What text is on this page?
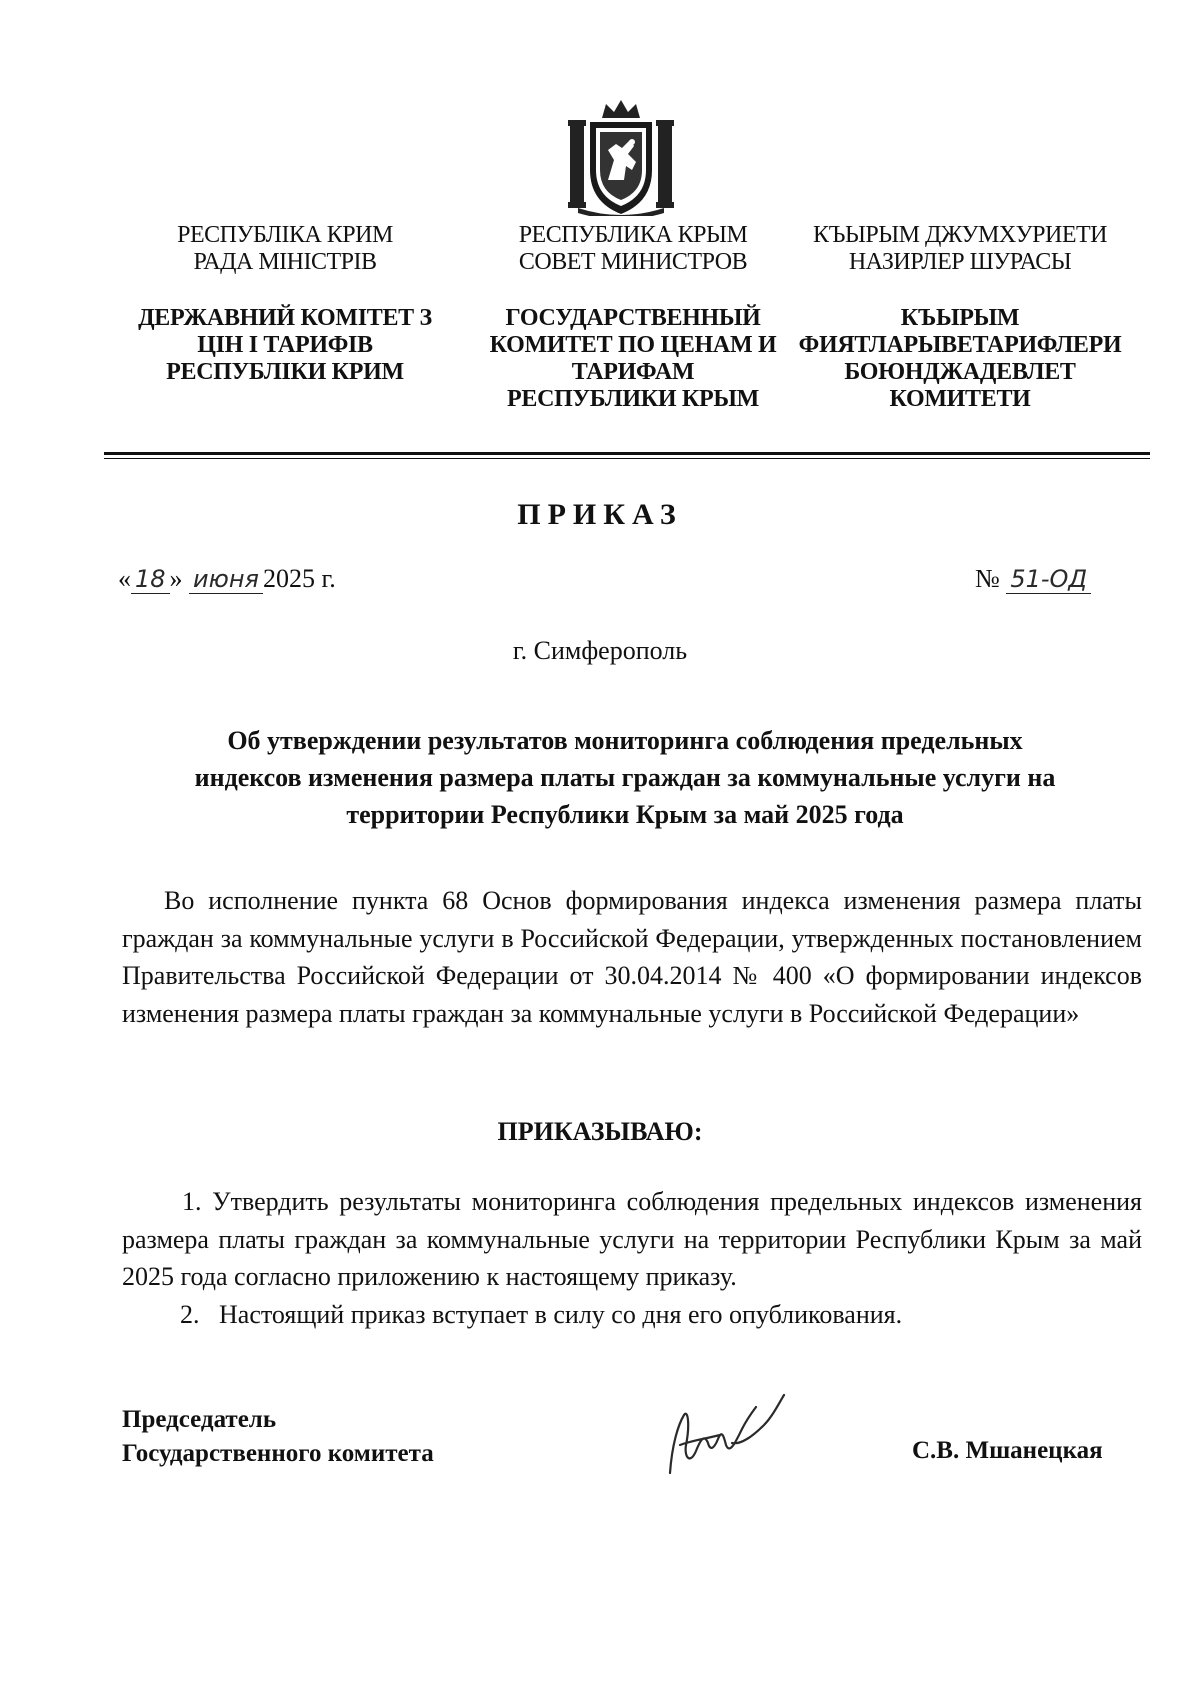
РЕСПУБЛІКА КРИМ
РАДА МІНІСТРІВ
ДЕРЖАВНИЙ КОМІТЕТ З
ЦІН І ТАРИФІВ
РЕСПУБЛІКИ КРИМ
РЕСПУБЛИКА КРЫМ
СОВЕТ МИНИСТРОВ
ГОСУДАРСТВЕННЫЙ
КОМИТЕТ ПО ЦЕНАМ И
ТАРИФАМ
РЕСПУБЛИКИ КРЫМ
КЪЫРЫМ ДЖУМХУРИЕТИ
НАЗИРЛЕР ШУРАСЫ
КЪЫРЫМ
ФИЯТЛАРЫВЕТАРИФЛЕРИ
БОЮНДЖАДЕВЛЕТ
КОМИТЕТИ
ПРИКАЗ
« 18 » июня 2025 г.	№ 51-ОД
г. Симферополь
Об утверждении результатов мониторинга соблюдения предельных
индексов изменения размера платы граждан за коммунальные услуги на
территории Республики Крым за май 2025 года
Во исполнение пункта 68 Основ формирования индекса изменения размера платы граждан за коммунальные услуги в Российской Федерации, утвержденных постановлением Правительства Российской Федерации от 30.04.2014 № 400 «О формировании индексов изменения размера платы граждан за коммунальные услуги в Российской Федерации»
ПРИКАЗЫВАЮ:
1. Утвердить результаты мониторинга соблюдения предельных индексов изменения размера платы граждан за коммунальные услуги на территории Республики Крым за май 2025 года согласно приложению к настоящему приказу.
2.   Настоящий приказ вступает в силу со дня его опубликования.
Председатель
Государственного комитета	С.В. Мшанецкая
